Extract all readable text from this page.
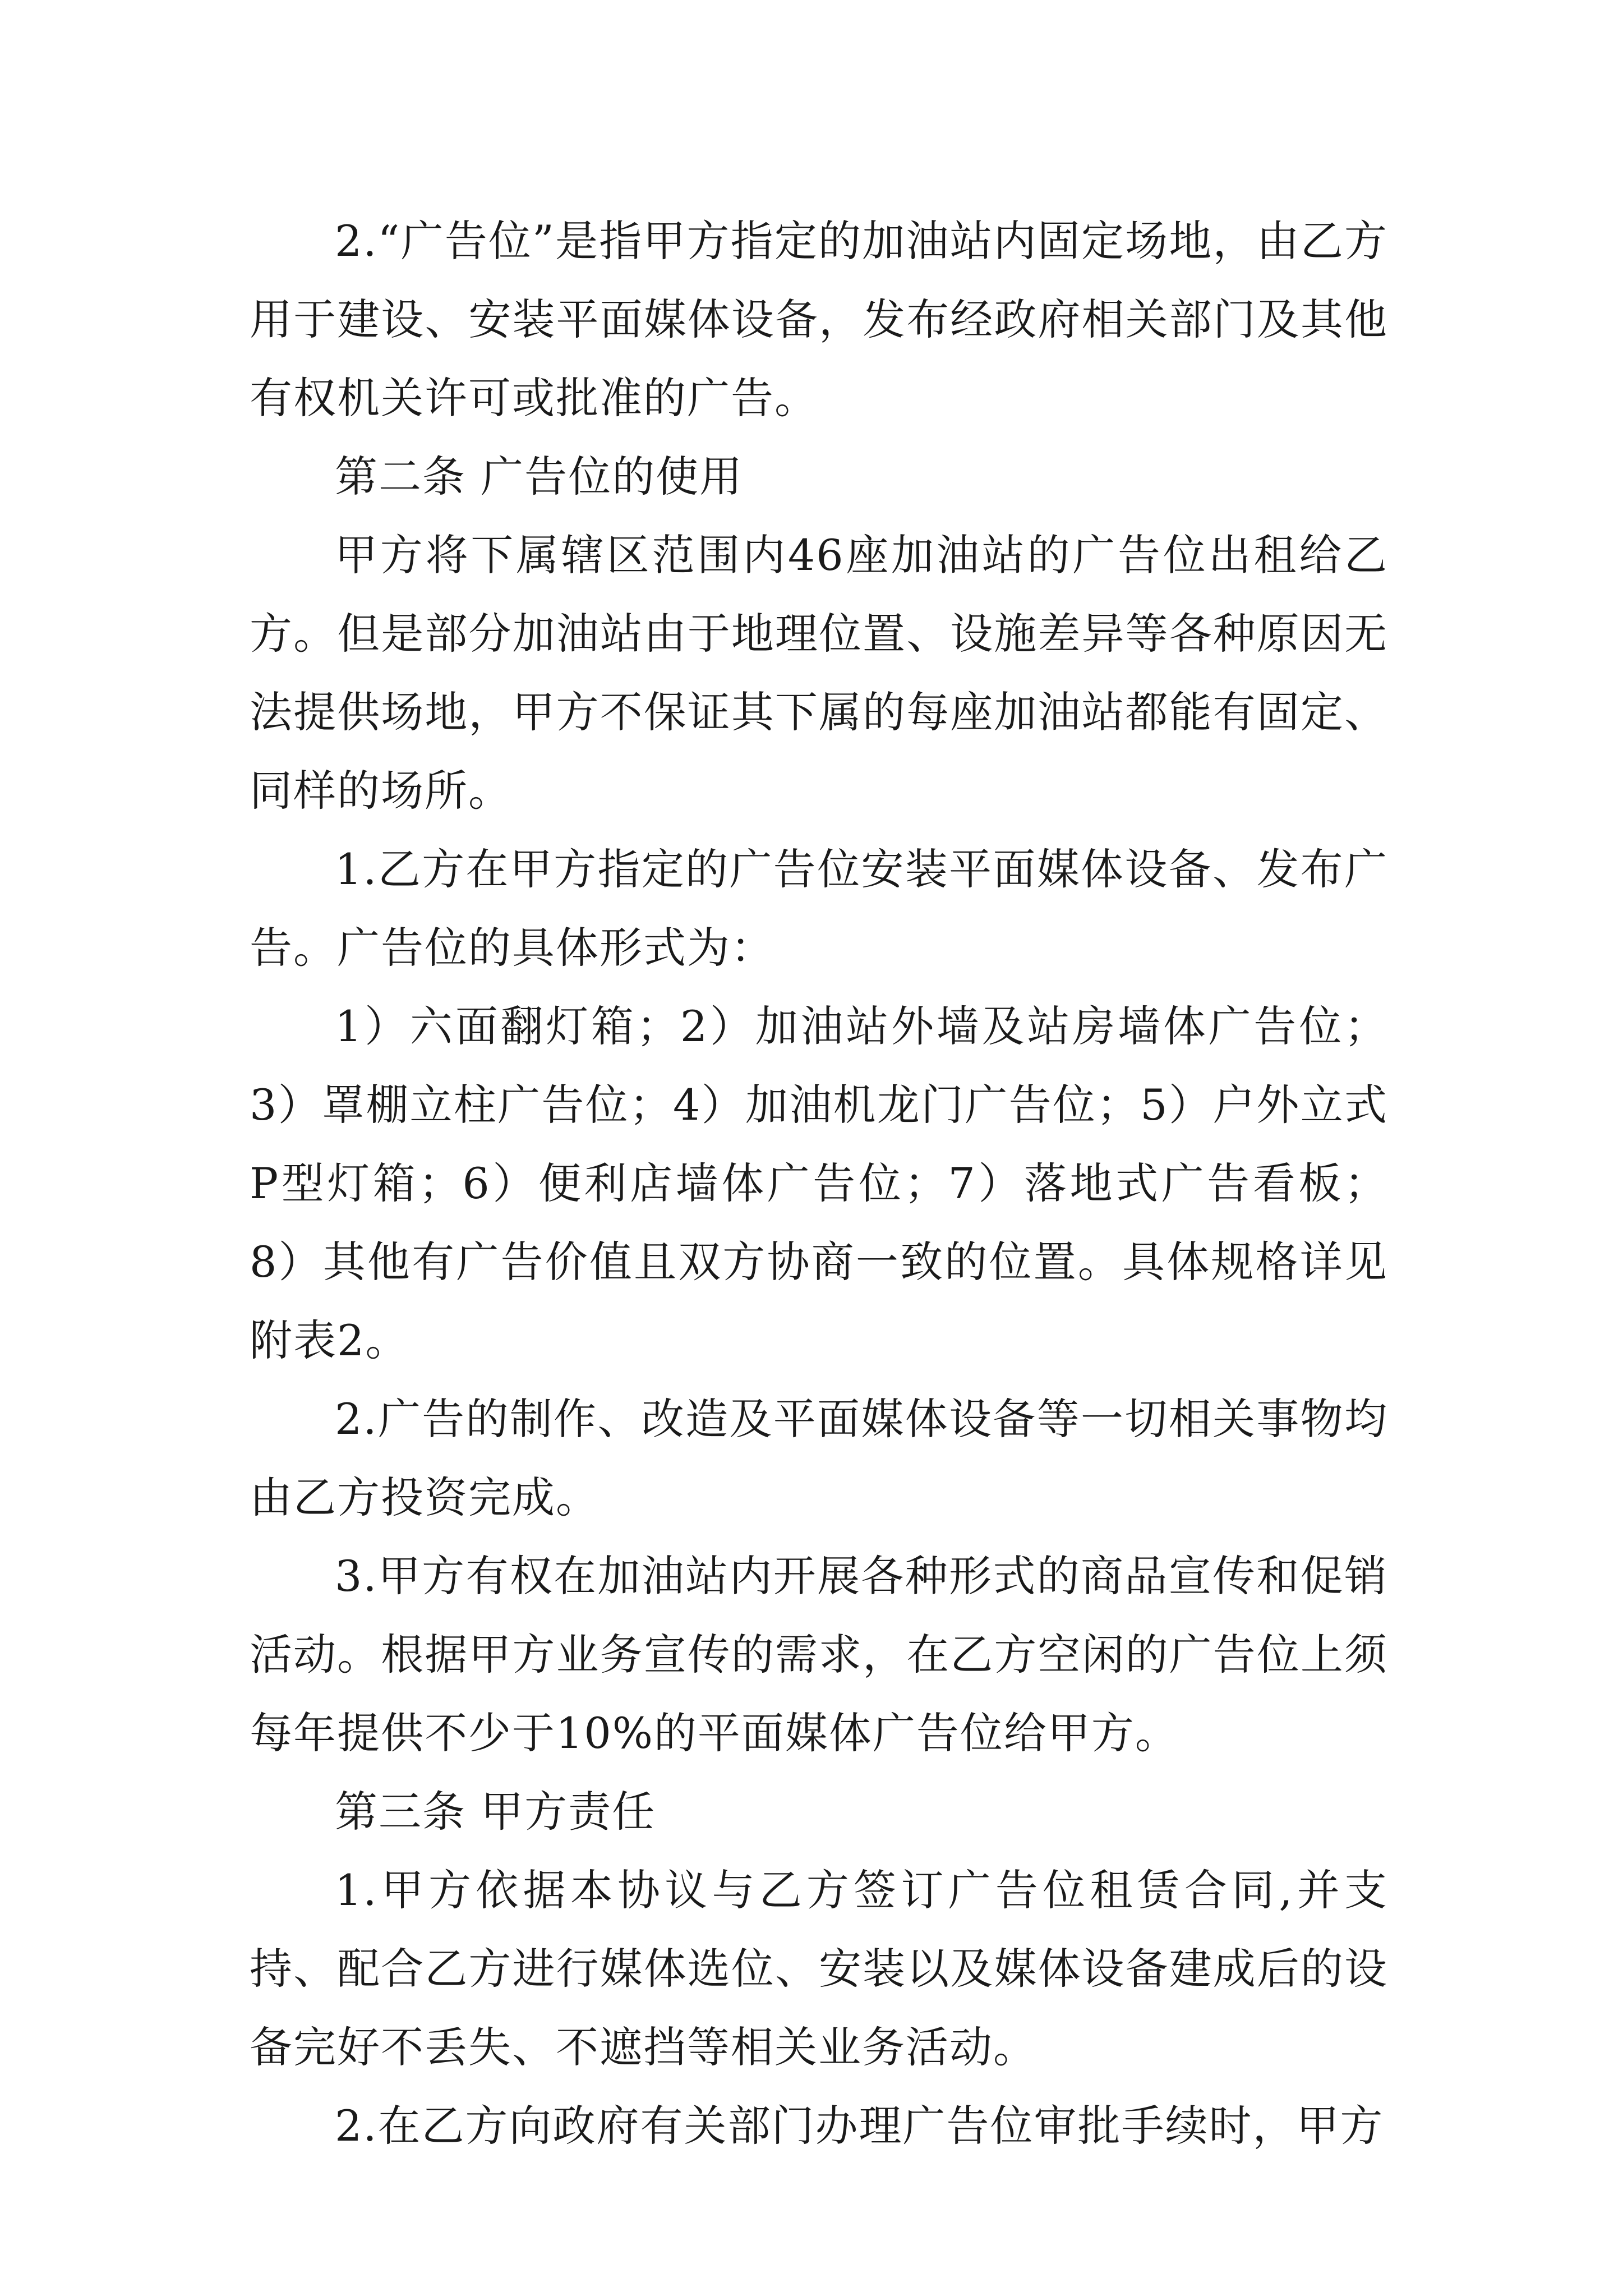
2.“广告位”是指甲方指定的加油站内固定场地，由乙方用于建设、安装平面媒体设备，发布经政府相关部门及其他有权机关许可或批准的广告。

第二条 广告位的使用

甲方将下属辖区范围内46座加油站的广告位出租给乙方。但是部分加油站由于地理位置、设施差异等各种原因无法提供场地，甲方不保证其下属的每座加油站都能有固定、同样的场所。

1.乙方在甲方指定的广告位安装平面媒体设备、发布广告。广告位的具体形式为：

1）六面翻灯箱；2）加油站外墙及站房墙体广告位；3）罩棚立柱广告位；4）加油机龙门广告位；5）户外立式P型灯箱；6）便利店墙体广告位；7）落地式广告看板；8）其他有广告价值且双方协商一致的位置。具体规格详见附表2。

2.广告的制作、改造及平面媒体设备等一切相关事物均由乙方投资完成。

3.甲方有权在加油站内开展各种形式的商品宣传和促销活动。根据甲方业务宣传的需求，在乙方空闲的广告位上须每年提供不少于10%的平面媒体广告位给甲方。

第三条 甲方责任

1.甲方依据本协议与乙方签订广告位租赁合同,并支持、配合乙方进行媒体选位、安装以及媒体设备建成后的设备完好不丢失、不遮挡等相关业务活动。

2.在乙方向政府有关部门办理广告位审批手续时，甲方
